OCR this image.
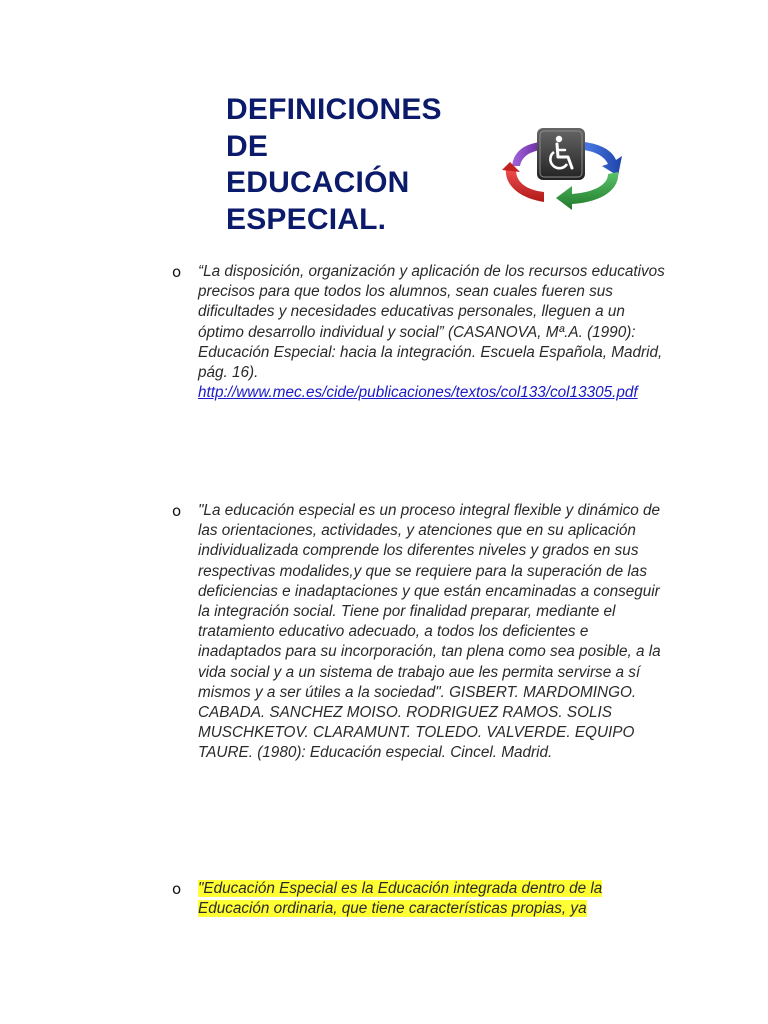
DEFINICIONES
DE
EDUCACIÓN
ESPECIAL.
o “La disposición, organización y aplicación de los recursos educativos precisos para que todos los alumnos, sean cuales fueren sus dificultades y necesidades educativas personales, lleguen a un óptimo desarrollo individual y social” (CASANOVA, Mª.A. (1990): Educación Especial: hacia la integración. Escuela Española, Madrid, pág. 16). http://www.mec.es/cide/publicaciones/textos/col133/col13305.pdf

o "La educación especial es un proceso integral flexible y dinámico de las orientaciones, actividades, y atenciones que en su aplicación individualizada comprende los diferentes niveles y grados en sus respectivas modalides,y que se requiere para la superación de las deficiencias e inadaptaciones y que están encaminadas a conseguir la integración social. Tiene por finalidad preparar, mediante el tratamiento educativo adecuado, a todos los deficientes e inadaptados para su incorporación, tan plena como sea posible, a la vida social y a un sistema de trabajo aue les permita servirse a sí mismos y a ser útiles a la sociedad". GISBERT. MARDOMINGO. CABADA. SANCHEZ MOISO. RODRIGUEZ RAMOS. SOLIS MUSCHKETOV. CLARAMUNT. TOLEDO. VALVERDE. EQUIPO TAURE. (1980): Educación especial. Cincel. Madrid.

o "Educación Especial es la Educación integrada dentro de la Educación ordinaria, que tiene características propias, ya
